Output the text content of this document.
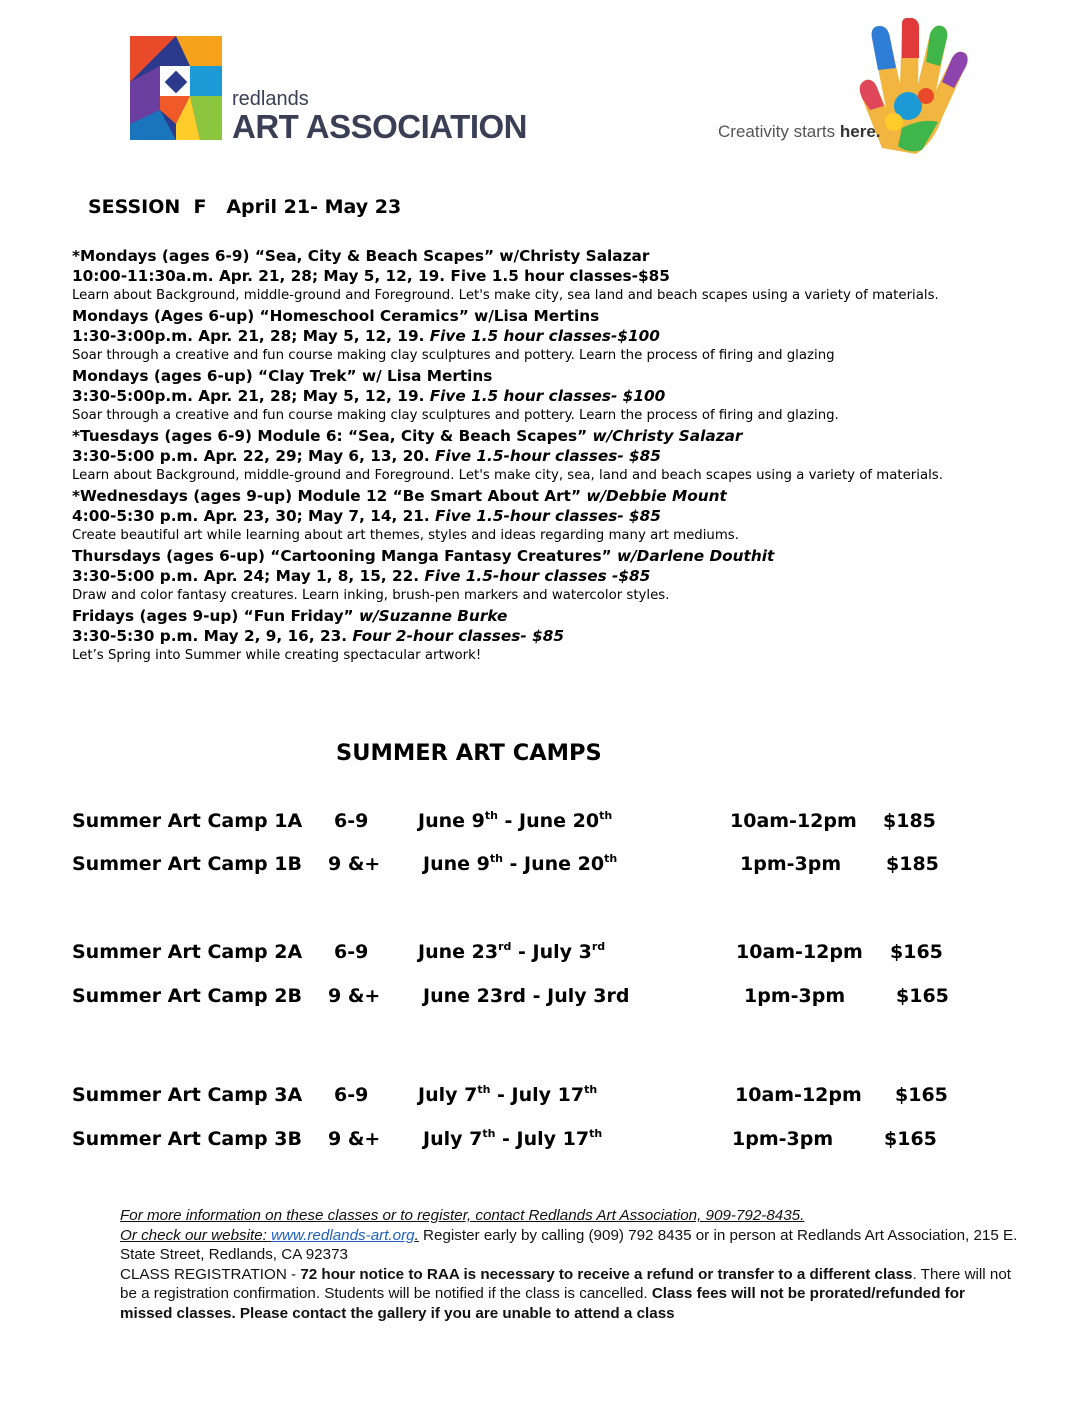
redlands
ART ASSOCIATION	Creativity starts here.
SESSION  F   April 21- May 23
*Mondays (ages 6-9) “Sea, City & Beach Scapes” w/Christy Salazar
10:00-11:30a.m. Apr. 21, 28; May 5, 12, 19. Five 1.5 hour classes-$85
Learn about Background, middle-ground and Foreground. Let's make city, sea land and beach scapes using a variety of materials.
Mondays (Ages 6-up) “Homeschool Ceramics” w/Lisa Mertins
1:30-3:00p.m. Apr. 21, 28; May 5, 12, 19. Five 1.5 hour classes-$100
Soar through a creative and fun course making clay sculptures and pottery. Learn the process of firing and glazing
Mondays (ages 6-up) “Clay Trek” w/ Lisa Mertins
3:30-5:00p.m. Apr. 21, 28; May 5, 12, 19. Five 1.5 hour classes- $100
Soar through a creative and fun course making clay sculptures and pottery. Learn the process of firing and glazing.
*Tuesdays (ages 6-9) Module 6: “Sea, City & Beach Scapes” w/Christy Salazar
3:30-5:00 p.m. Apr. 22, 29; May 6, 13, 20. Five 1.5-hour classes- $85
Learn about Background, middle-ground and Foreground. Let's make city, sea, land and beach scapes using a variety of materials.
*Wednesdays (ages 9-up) Module 12 “Be Smart About Art” w/Debbie Mount
4:00-5:30 p.m. Apr. 23, 30; May 7, 14, 21. Five 1.5-hour classes- $85
Create beautiful art while learning about art themes, styles and ideas regarding many art mediums.
Thursdays (ages 6-up) “Cartooning Manga Fantasy Creatures” w/Darlene Douthit
3:30-5:00 p.m. Apr. 24; May 1, 8, 15, 22. Five 1.5-hour classes -$85
Draw and color fantasy creatures. Learn inking, brush-pen markers and watercolor styles.
Fridays (ages 9-up) “Fun Friday” w/Suzanne Burke
3:30-5:30 p.m. May 2, 9, 16, 23. Four 2-hour classes- $85
Let’s Spring into Summer while creating spectacular artwork!
SUMMER ART CAMPS
Summer Art Camp 1A 6-9	June 9th - June 20th	10am-12pm $185
Summer Art Camp 1B 9 &+ June 9th - June 20th	1pm-3pm $185
Summer Art Camp 2A 6-9	June 23rd - July 3rd	10am-12pm $165
Summer Art Camp 2B 9 &+ June 23rd - July 3rd	1pm-3pm	$165
Summer Art Camp 3A 6-9	July 7th - July 17th	10am-12pm $165
Summer Art Camp 3B 9 &+ July 7th - July 17th	1pm-3pm	$165
For more information on these classes or to register, contact Redlands Art Association, 909-792-8435.
Or check our website: www.redlands-art.org. Register early by calling (909) 792 8435 or in person at Redlands Art Association, 215 E. State Street, Redlands, CA 92373
CLASS REGISTRATION - 72 hour notice to RAA is necessary to receive a refund or transfer to a different class. There will not be a registration confirmation. Students will be notified if the class is cancelled. Class fees will not be prorated/refunded for missed classes. Please contact the gallery if you are unable to attend a class
